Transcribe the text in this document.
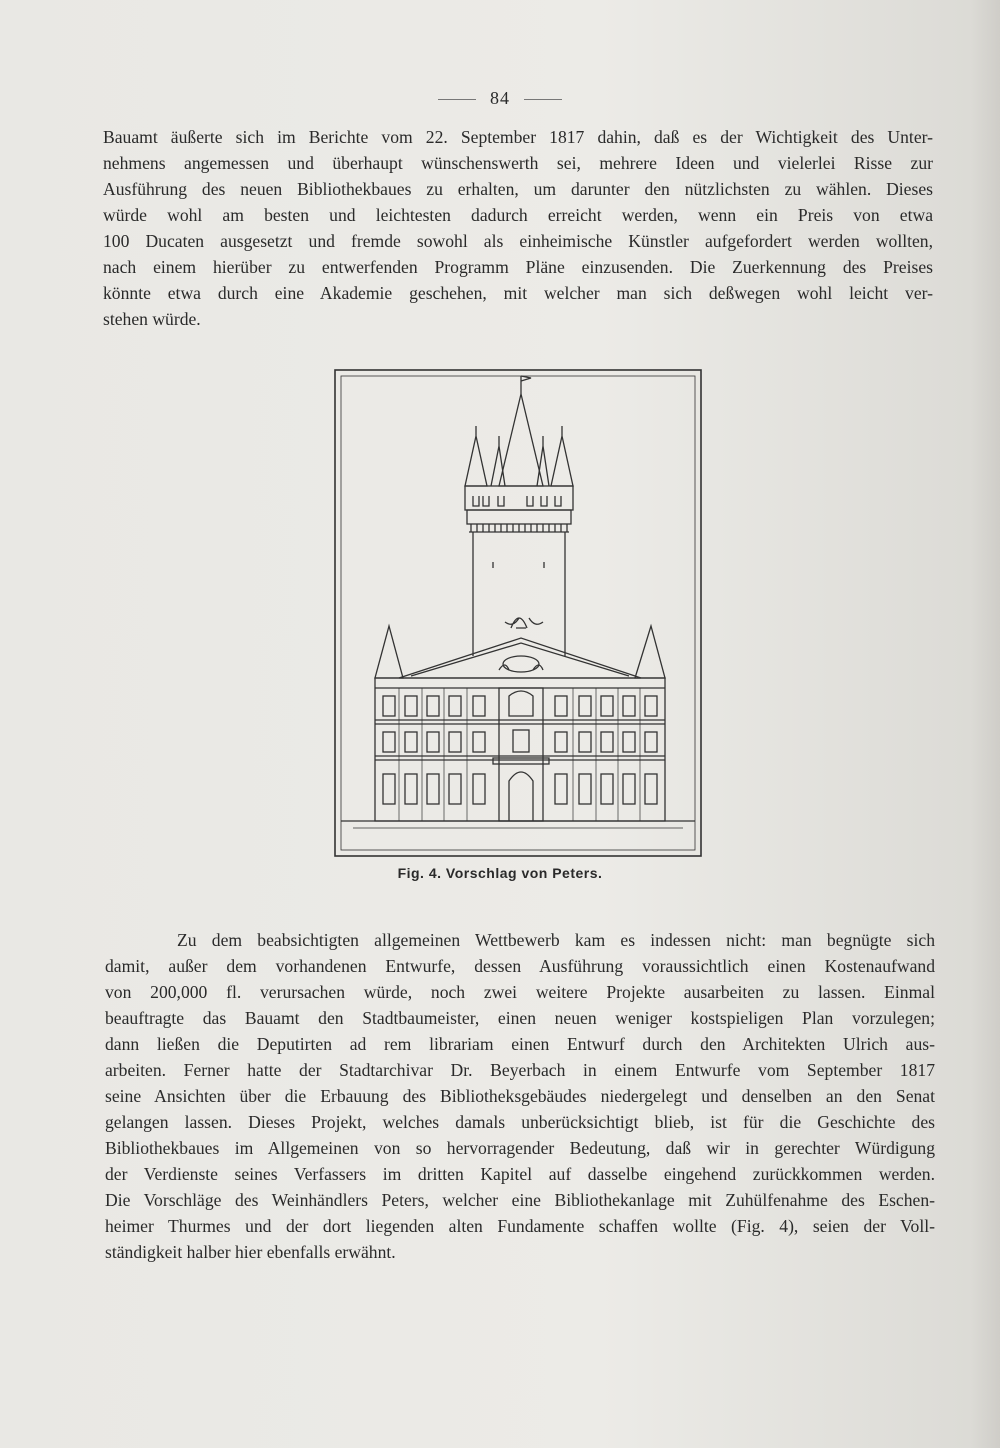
84

Bauamt äußerte sich im Berichte vom 22. September 1817 dahin, daß es der Wichtigkeit des Unter-
nehmens angemessen und überhaupt wünschenswerth sei, mehrere Ideen und vielerlei Risse zur
Ausführung des neuen Bibliothekbaues zu erhalten, um darunter den nützlichsten zu wählen. Dieses
würde wohl am besten und leichtesten dadurch erreicht werden, wenn ein Preis von etwa
100 Ducaten ausgesetzt und fremde sowohl als einheimische Künstler aufgefordert werden wollten,
nach einem hierüber zu entwerfenden Programm Pläne einzusenden. Die Zuerkennung des Preises
könnte etwa durch eine Akademie geschehen, mit welcher man sich deßwegen wohl leicht ver-
stehen würde.

Fig. 4. Vorschlag von Peters.

Zu dem beabsichtigten allgemeinen Wettbewerb kam es indessen nicht: man begnügte sich
damit, außer dem vorhandenen Entwurfe, dessen Ausführung voraussichtlich einen Kostenaufwand
von 200,000 fl. verursachen würde, noch zwei weitere Projekte ausarbeiten zu lassen. Einmal
beauftragte das Bauamt den Stadtbaumeister, einen neuen weniger kostspieligen Plan vorzulegen;
dann ließen die Deputirten ad rem librariam einen Entwurf durch den Architekten Ulrich aus-
arbeiten. Ferner hatte der Stadtarchivar Dr. Beyerbach in einem Entwurfe vom September 1817
seine Ansichten über die Erbauung des Bibliotheksgebäudes niedergelegt und denselben an den Senat
gelangen lassen. Dieses Projekt, welches damals unberücksichtigt blieb, ist für die Geschichte des
Bibliothekbaues im Allgemeinen von so hervorragender Bedeutung, daß wir in gerechter Würdigung
der Verdienste seines Verfassers im dritten Kapitel auf dasselbe eingehend zurückkommen werden.
Die Vorschläge des Weinhändlers Peters, welcher eine Bibliothekanlage mit Zuhülfenahme des Eschen-
heimer Thurmes und der dort liegenden alten Fundamente schaffen wollte (Fig. 4), seien der Voll-
ständigkeit halber hier ebenfalls erwähnt.
